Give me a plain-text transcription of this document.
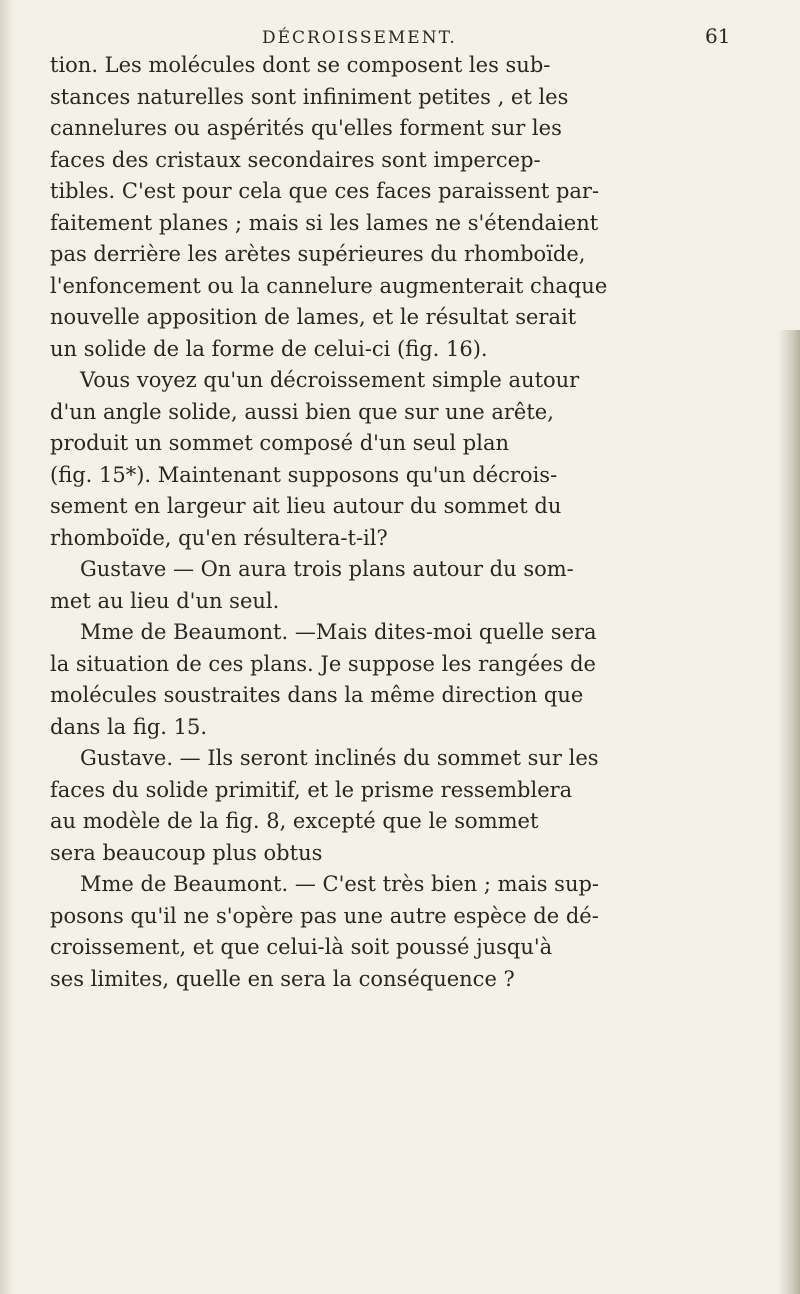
DÉCROISSEMENT.	61
tion. Les molécules dont se composent les sub-
stances naturelles sont infiniment petites , et les
cannelures ou aspérités qu'elles forment sur les
faces des cristaux secondaires sont impercep-
tibles. C'est pour cela que ces faces paraissent par-
faitement planes ; mais si les lames ne s'étendaient
pas derrière les arètes supérieures du rhomboïde,
l'enfoncement ou la cannelure augmenterait chaque
nouvelle apposition de lames, et le résultat serait
un solide de la forme de celui-ci (fig. 16).
Vous voyez qu'un décroissement simple autour
d'un angle solide, aussi bien que sur une arête,
produit un sommet composé d'un seul plan
(fig. 15*). Maintenant supposons qu'un décrois-
sement en largeur ait lieu autour du sommet du
rhomboïde, qu'en résultera-t-il?
Gustave — On aura trois plans autour du som-
met au lieu d'un seul.
Mme de Beaumont. —Mais dites-moi quelle sera
la situation de ces plans. Je suppose les rangées de
molécules soustraites dans la même direction que
dans la fig. 15.
Gustave. — Ils seront inclinés du sommet sur les
faces du solide primitif, et le prisme ressemblera
au modèle de la fig. 8, excepté que le sommet
sera beaucoup plus obtus
Mme de Beaumont. — C'est très bien ; mais sup-
posons qu'il ne s'opère pas une autre espèce de dé-
croissement, et que celui-là soit poussé jusqu'à
ses limites, quelle en sera la conséquence ?
